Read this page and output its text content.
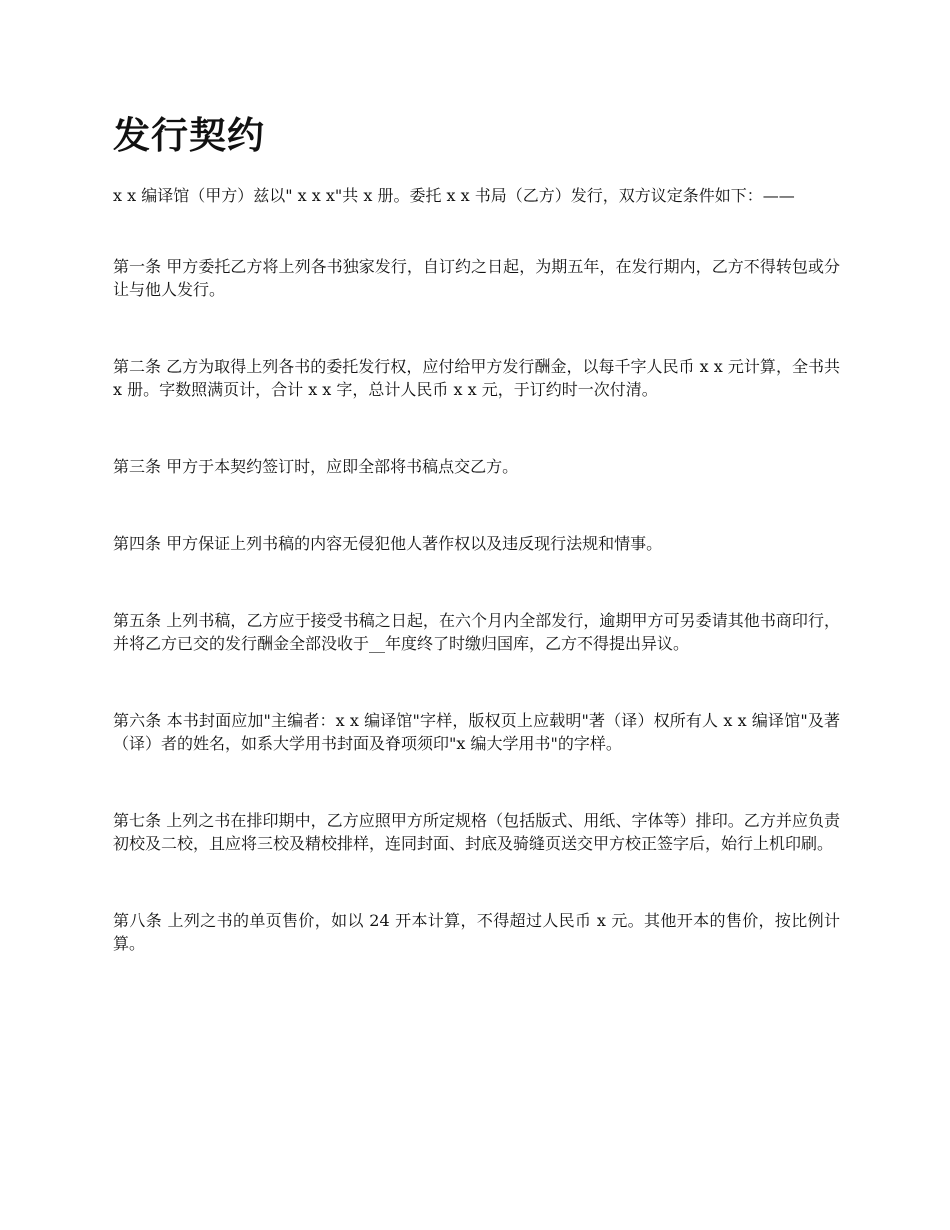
发行契约

x x 编译馆（甲方）兹以" x x x"共 x 册。委托 x x 书局（乙方）发行，双方议定条件如下：——

第一条 甲方委托乙方将上列各书独家发行，自订约之日起，为期五年，在发行期内，乙方不得转包或分让与他人发行。

第二条 乙方为取得上列各书的委托发行权，应付给甲方发行酬金，以每千字人民币 x x 元计算，全书共 x 册。字数照满页计，合计 x x 字，总计人民币 x x 元，于订约时一次付清。

第三条 甲方于本契约签订时，应即全部将书稿点交乙方。

第四条 甲方保证上列书稿的内容无侵犯他人著作权以及违反现行法规和情事。

第五条 上列书稿，乙方应于接受书稿之日起，在六个月内全部发行，逾期甲方可另委请其他书商印行，并将乙方已交的发行酬金全部没收于__年度终了时缴归国库，乙方不得提出异议。

第六条 本书封面应加"主编者：x x 编译馆"字样，版权页上应载明"著（译）权所有人 x x 编译馆"及著（译）者的姓名，如系大学用书封面及脊项须印"x 编大学用书"的字样。

第七条 上列之书在排印期中，乙方应照甲方所定规格（包括版式、用纸、字体等）排印。乙方并应负责初校及二校，且应将三校及精校排样，连同封面、封底及骑缝页送交甲方校正签字后，始行上机印刷。

第八条 上列之书的单页售价，如以 24 开本计算，不得超过人民币 x 元。其他开本的售价，按比例计算。
